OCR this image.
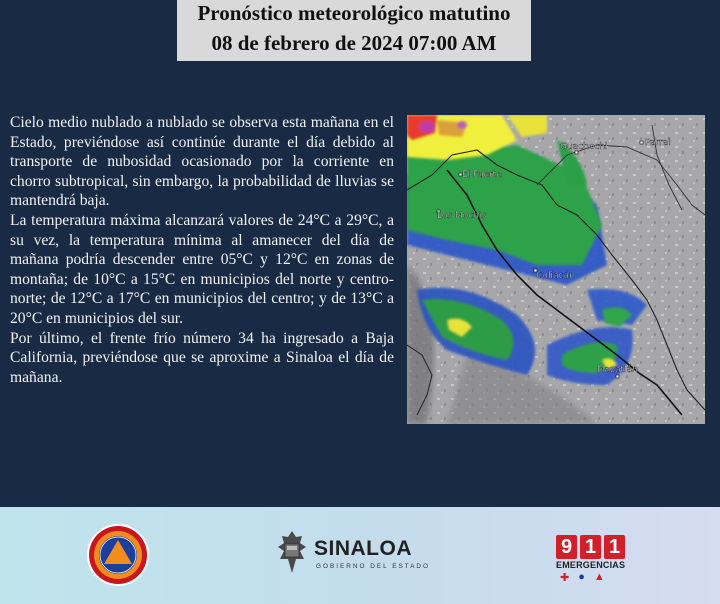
Pronóstico meteorológico matutino
08 de febrero de 2024 07:00 AM

Cielo medio nublado a nublado se observa esta mañana en el Estado, previéndose así continúe durante el día debido al transporte de nubosidad ocasionado por la corriente en chorro subtropical, sin embargo, la probabilidad de lluvias se mantendrá baja.

La temperatura máxima alcanzará valores de 24°C a 29°C, a su vez, la temperatura mínima al amanecer del día de mañana podría descender entre 05°C y 12°C en zonas de montaña; de 10°C a 15°C en municipios del norte y centro-norte; de 12°C a 17°C en municipios del centro; y de 13°C a 20°C en municipios del sur.

Por último, el frente frío número 34 ha ingresado a Baja California, previéndose que se aproxime a Sinaloa el día de mañana.

Guachochi	Parral
El Fuerte
Los Mochis
Culiacán
Mazatlán
SINALOA
GOBIERNO DEL ESTADO
9 1 1
EMERGENCIAS
✚ ● ▲
